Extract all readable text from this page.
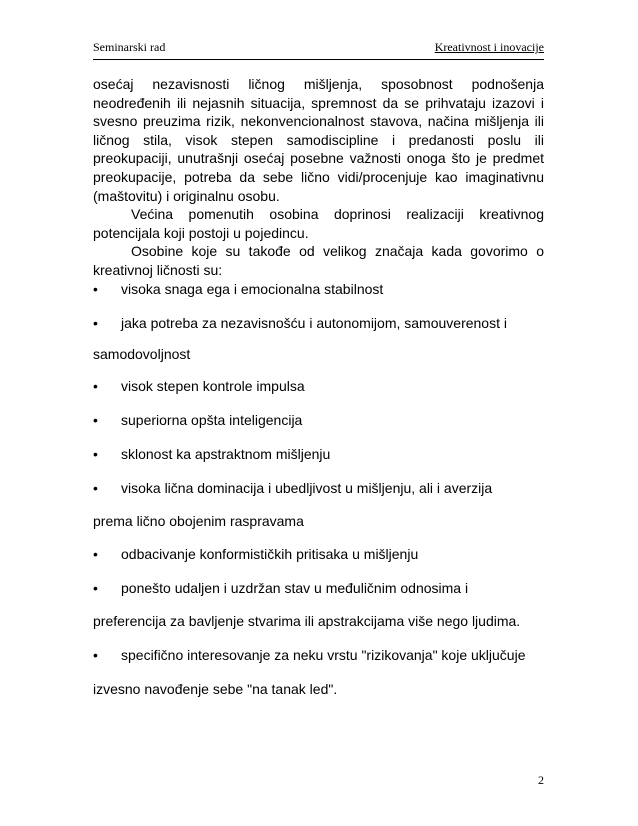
Seminarski rad	Kreativnost i inovacije

osećaj nezavisnosti ličnog mišljenja, sposobnost podnošenja neodređenih ili nejasnih situacija, spremnost da se prihvataju izazovi i svesno preuzima rizik, nekonvencionalnost stavova, načina mišljenja ili ličnog stila, visok stepen samodiscipline i predanosti poslu ili preokupaciji, unutrašnji osećaj posebne važnosti onoga što je predmet preokupacije, potreba da sebe lično vidi/procenjuje kao imaginativnu (maštovitu) i originalnu osobu.

Većina pomenutih osobina doprinosi realizaciji kreativnog potencijala koji postoji u pojedincu.

Osobine koje su takođe od velikog značaja kada govorimo o kreativnoj ličnosti su:

• visoka snaga ega i emocionalna stabilnost
• jaka potreba za nezavisnošću i autonomijom, samouverenost i
samodovoljnost
• visok stepen kontrole impulsa
• superiorna opšta inteligencija
• sklonost ka apstraktnom mišljenju
• visoka lična dominacija i ubedljivost u mišljenju, ali i averzija
prema lično obojenim raspravama
• odbacivanje konformističkih pritisaka u mišljenju
• ponešto udaljen i uzdržan stav u međuličnim odnosima i
preferencija za bavljenje stvarima ili apstrakcijama više nego ljudima.
• specifično interesovanje za neku vrstu "rizikovanja" koje uključuje
izvesno navođenje sebe "na tanak led".
2
